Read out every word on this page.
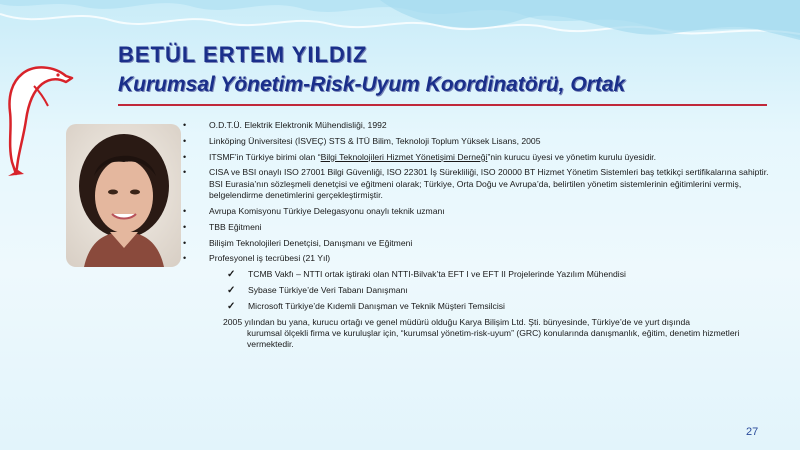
BETÜL ERTEM YILDIZ
Kurumsal Yönetim-Risk-Uyum Koordinatörü, Ortak
•	O.D.T.Ü. Elektrik Elektronik Mühendisliği, 1992
•	Linköping Üniversitesi (İSVEÇ) STS & İTÜ Bilim, Teknoloji Toplum Yüksek Lisans, 2005
•	ITSMF’in Türkiye birimi olan “Bilgi Teknolojileri Hizmet Yönetişimi Derneği”nin kurucu üyesi ve yönetim kurulu üyesidir.
•	CISA ve BSI onaylı ISO 27001 Bilgi Güvenliği, ISO 22301 İş Sürekliliği, ISO 20000 BT Hizmet Yönetim Sistemleri baş tetkikçi sertifikalarına sahiptir. BSI Eurasia’nın sözleşmeli denetçisi ve eğitmeni olarak; Türkiye, Orta Doğu ve Avrupa’da, belirtilen yönetim sistemlerinin eğitimlerini vermiş, belgelendirme denetimlerini gerçekleştirmiştir.
•	Avrupa Komisyonu Türkiye Delegasyonu onaylı teknik uzmanı
•	TBB Eğitmeni
•	Bilişim Teknolojileri Denetçisi, Danışmanı ve Eğitmeni
•	Profesyonel iş tecrübesi (21 Yıl)
✓ TCMB Vakfı – NTTI ortak iştiraki olan NTTI-Bilvak’ta EFT I ve EFT II Projelerinde Yazılım Mühendisi
✓ Sybase Türkiye’de Veri Tabanı Danışmanı
✓ Microsoft Türkiye’de Kıdemli Danışman ve Teknik Müşteri Temsilcisi
2005 yılından bu yana, kurucu ortağı ve genel müdürü olduğu Karya Bilişim Ltd. Şti. bünyesinde, Türkiye’de ve yurt dışında
kurumsal ölçekli firma ve kuruluşlar için, “kurumsal yönetim-risk-uyum” (GRC) konularında danışmanlık, eğitim, denetim hizmetleri vermektedir.
27
